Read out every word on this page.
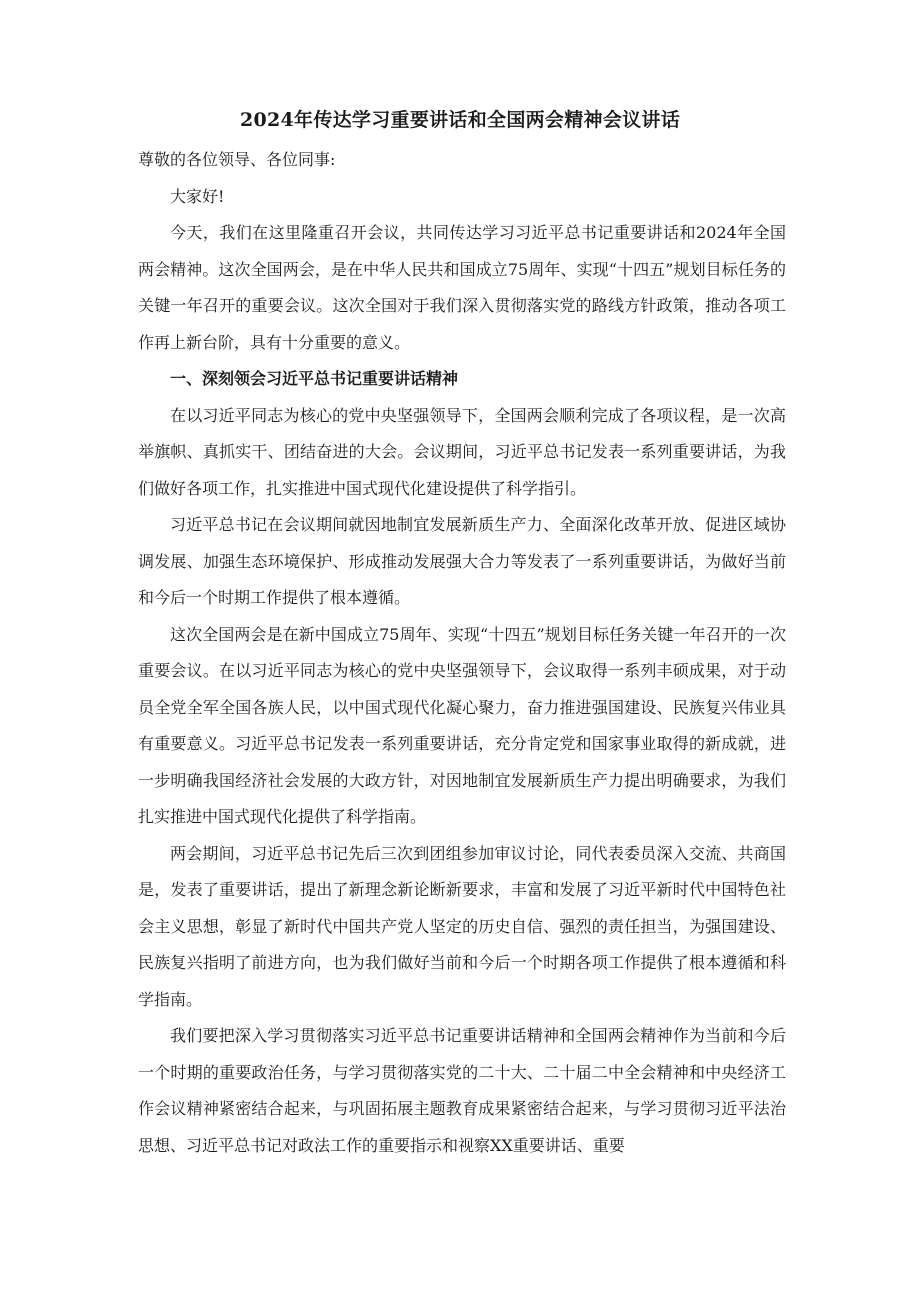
2024年传达学习重要讲话和全国两会精神会议讲话

尊敬的各位领导、各位同事:

大家好!

今天，我们在这里隆重召开会议，共同传达学习习近平总书记重要讲话和2024年全国两会精神。这次全国两会，是在中华人民共和国成立75周年、实现“十四五”规划目标任务的关键一年召开的重要会议。这次全国对于我们深入贯彻落实党的路线方针政策，推动各项工作再上新台阶，具有十分重要的意义。

一、深刻领会习近平总书记重要讲话精神

在以习近平同志为核心的党中央坚强领导下，全国两会顺利完成了各项议程，是一次高举旗帜、真抓实干、团结奋进的大会。会议期间，习近平总书记发表一系列重要讲话，为我们做好各项工作，扎实推进中国式现代化建设提供了科学指引。

习近平总书记在会议期间就因地制宜发展新质生产力、全面深化改革开放、促进区域协调发展、加强生态环境保护、形成推动发展强大合力等发表了一系列重要讲话，为做好当前和今后一个时期工作提供了根本遵循。

这次全国两会是在新中国成立75周年、实现“十四五”规划目标任务关键一年召开的一次重要会议。在以习近平同志为核心的党中央坚强领导下，会议取得一系列丰硕成果，对于动员全党全军全国各族人民，以中国式现代化凝心聚力，奋力推进强国建设、民族复兴伟业具有重要意义。习近平总书记发表一系列重要讲话，充分肯定党和国家事业取得的新成就，进一步明确我国经济社会发展的大政方针，对因地制宜发展新质生产力提出明确要求，为我们扎实推进中国式现代化提供了科学指南。

两会期间，习近平总书记先后三次到团组参加审议讨论，同代表委员深入交流、共商国是，发表了重要讲话，提出了新理念新论断新要求，丰富和发展了习近平新时代中国特色社会主义思想，彰显了新时代中国共产党人坚定的历史自信、强烈的责任担当，为强国建设、民族复兴指明了前进方向，也为我们做好当前和今后一个时期各项工作提供了根本遵循和科学指南。

我们要把深入学习贯彻落实习近平总书记重要讲话精神和全国两会精神作为当前和今后一个时期的重要政治任务，与学习贯彻落实党的二十大、二十届二中全会精神和中央经济工作会议精神紧密结合起来，与巩固拓展主题教育成果紧密结合起来，与学习贯彻习近平法治思想、习近平总书记对政法工作的重要指示和视察XX重要讲话、重要
